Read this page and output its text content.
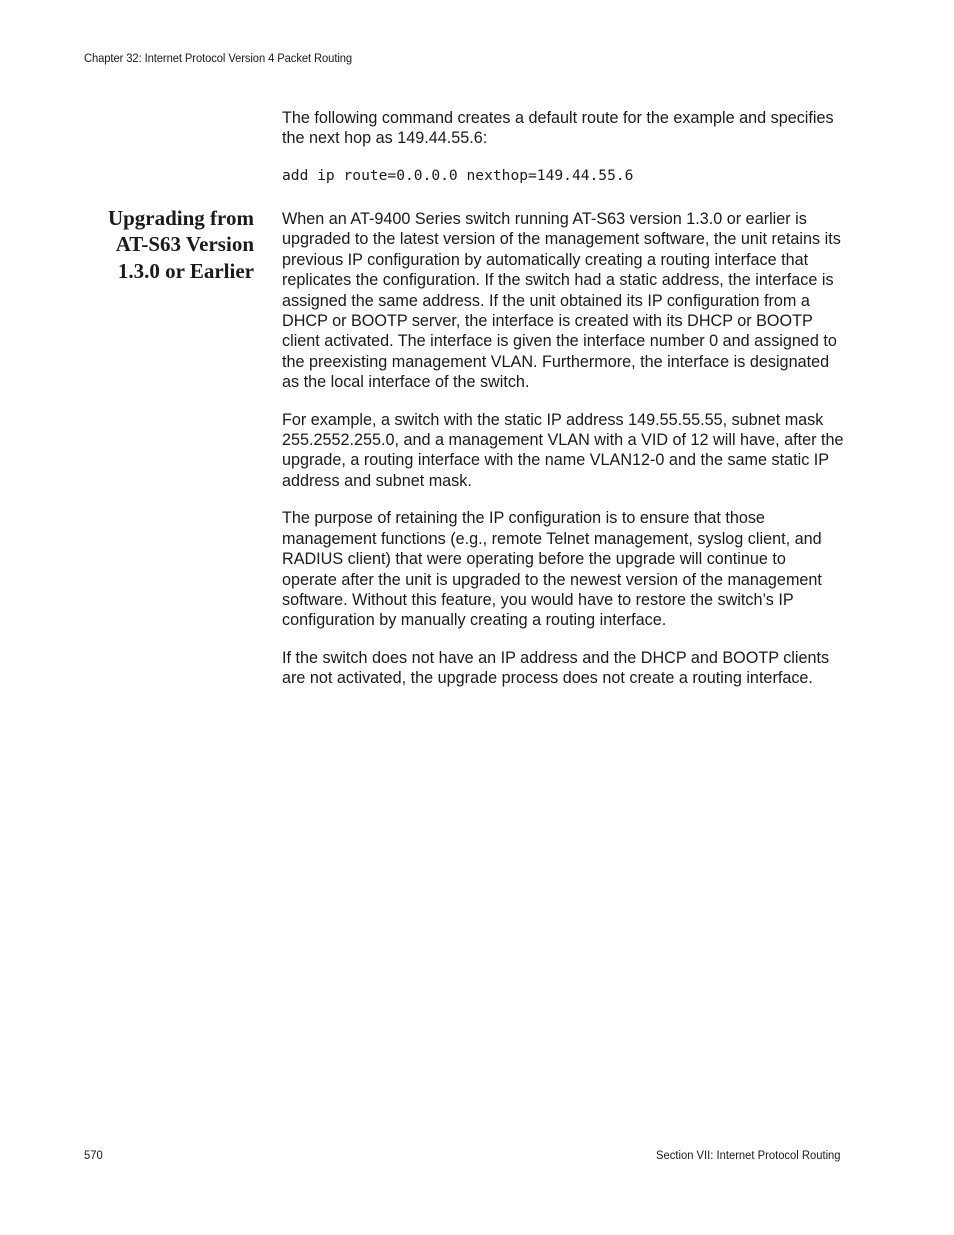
Chapter 32: Internet Protocol Version 4 Packet Routing

The following command creates a default route for the example and specifies the next hop as 149.44.55.6:

add ip route=0.0.0.0 nexthop=149.44.55.6
Upgrading from
AT-S63 Version
1.3.0 or Earlier

When an AT-9400 Series switch running AT-S63 version 1.3.0 or earlier is upgraded to the latest version of the management software, the unit retains its previous IP configuration by automatically creating a routing interface that replicates the configuration. If the switch had a static address, the interface is assigned the same address. If the unit obtained its IP configuration from a DHCP or BOOTP server, the interface is created with its DHCP or BOOTP client activated. The interface is given the interface number 0 and assigned to the preexisting management VLAN. Furthermore, the interface is designated as the local interface of the switch.

For example, a switch with the static IP address 149.55.55.55, subnet mask 255.2552.255.0, and a management VLAN with a VID of 12 will have, after the upgrade, a routing interface with the name VLAN12-0 and the same static IP address and subnet mask.

The purpose of retaining the IP configuration is to ensure that those management functions (e.g., remote Telnet management, syslog client, and RADIUS client) that were operating before the upgrade will continue to operate after the unit is upgraded to the newest version of the management software. Without this feature, you would have to restore the switch’s IP configuration by manually creating a routing interface.

If the switch does not have an IP address and the DHCP and BOOTP clients are not activated, the upgrade process does not create a routing interface.

570	Section VII: Internet Protocol Routing
